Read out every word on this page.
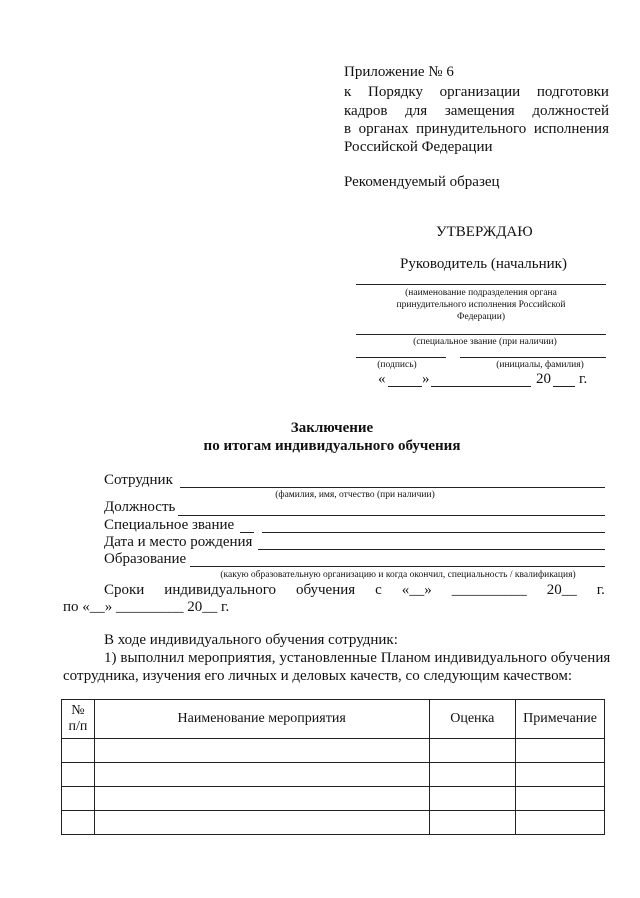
Приложение № 6
к Порядку организации подготовки
кадров для замещения должностей
в органах принудительного исполнения
Российской Федерации
Рекомендуемый образец
УТВЕРЖДАЮ
Руководитель (начальник)
(наименование подразделения органа принудительного исполнения Российской Федерации)
(специальное звание (при наличии)
(подпись)	(инициалы, фамилия)
« »	20 г.
Заключение
по итогам индивидуального обучения
Сотрудник
(фамилия, имя, отчество (при наличии)
Должность
Специальное звание
Дата и место рождения
Образование
(какую образовательную организацию и когда окончил, специальность / квалификация)
Сроки индивидуального обучения с «__» __________ 20__ г.
по «__» _________ 20__ г.
В ходе индивидуального обучения сотрудник:
1) выполнил мероприятия, установленные Планом индивидуального обучения
сотрудника, изучения его личных и деловых качеств, со следующим качеством:
№
п/п	Наименование мероприятия	Оценка	Примечание
